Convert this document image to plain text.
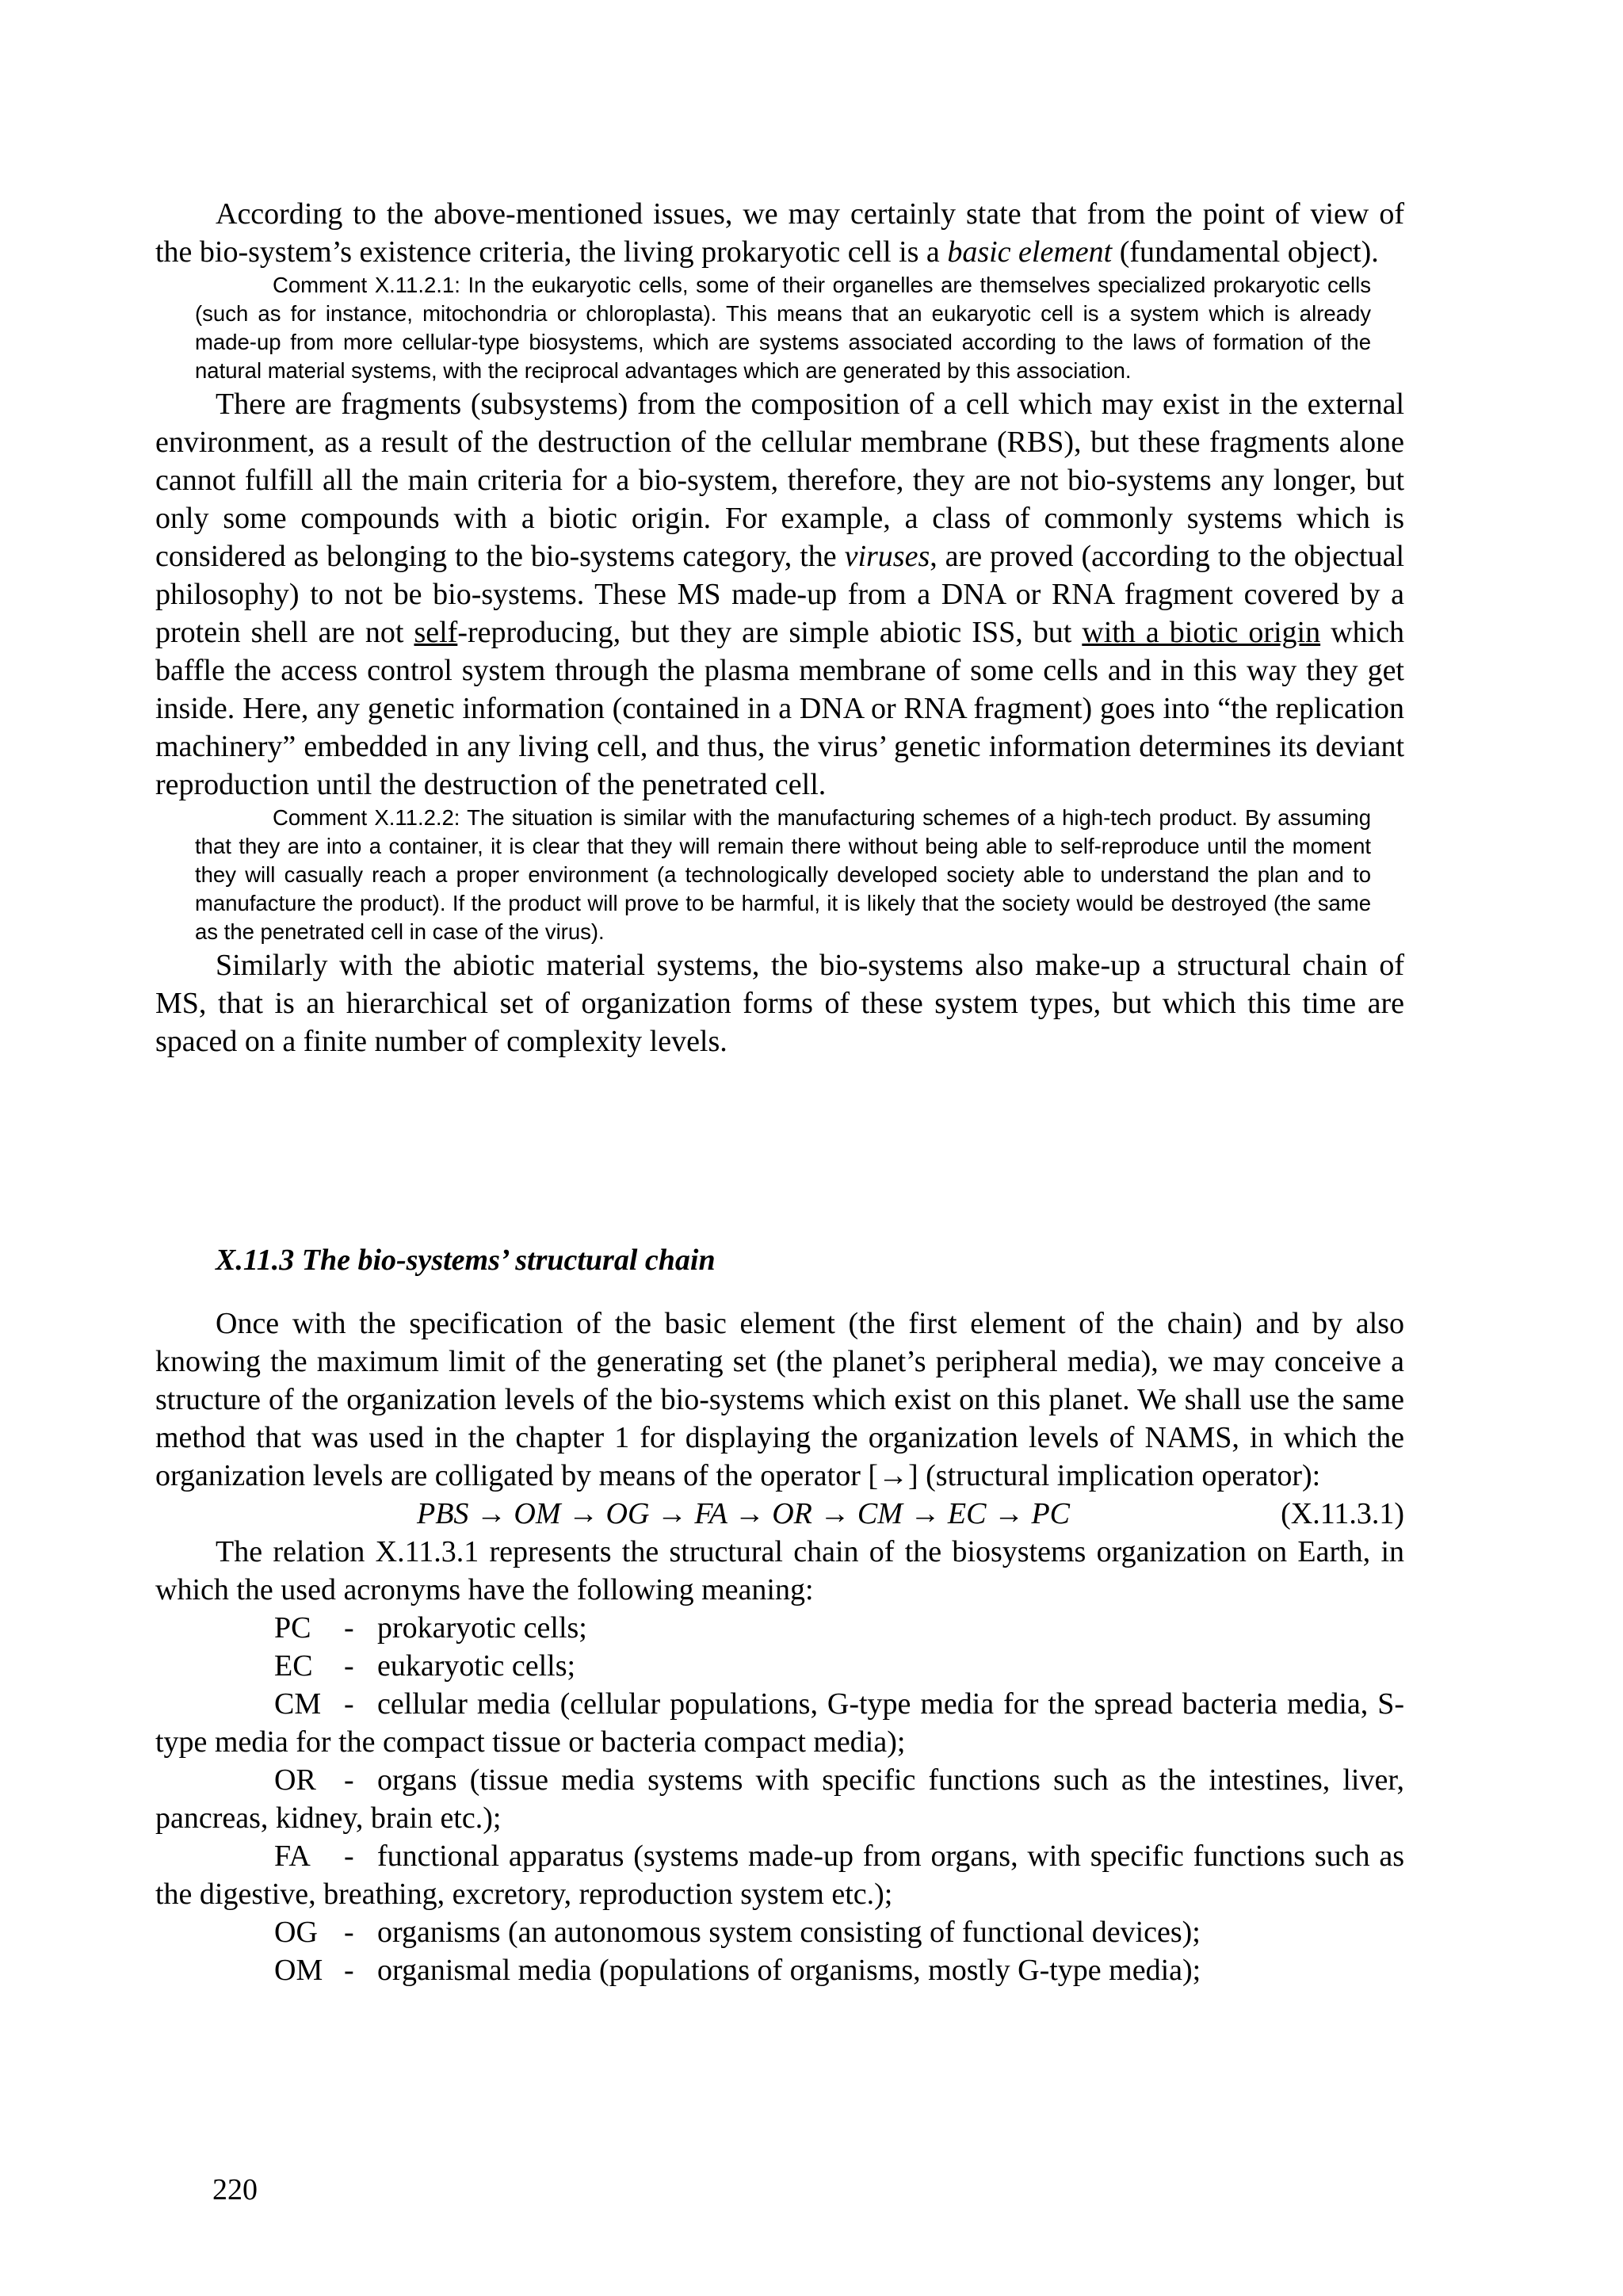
According to the above-mentioned issues, we may certainly state that from the point of view of the bio-system’s existence criteria, the living prokaryotic cell is a basic element (fundamental object).

Comment X.11.2.1: In the eukaryotic cells, some of their organelles are themselves specialized prokaryotic cells (such as for instance, mitochondria or chloroplasta). This means that an eukaryotic cell is a system which is already made-up from more cellular-type biosystems, which are systems associated according to the laws of formation of the natural material systems, with the reciprocal advantages which are generated by this association.

There are fragments (subsystems) from the composition of a cell which may exist in the external environment, as a result of the destruction of the cellular membrane (RBS), but these fragments alone cannot fulfill all the main criteria for a bio-system, therefore, they are not bio-systems any longer, but only some compounds with a biotic origin. For example, a class of commonly systems which is considered as belonging to the bio-systems category, the viruses, are proved (according to the objectual philosophy) to not be bio-systems. These MS made-up from a DNA or RNA fragment covered by a protein shell are not self-reproducing, but they are simple abiotic ISS, but with a biotic origin which baffle the access control system through the plasma membrane of some cells and in this way they get inside. Here, any genetic information (contained in a DNA or RNA fragment) goes into “the replication machinery” embedded in any living cell, and thus, the virus’ genetic information determines its deviant reproduction until the destruction of the penetrated cell.

Comment X.11.2.2: The situation is similar with the manufacturing schemes of a high-tech product. By assuming that they are into a container, it is clear that they will remain there without being able to self-reproduce until the moment they will casually reach a proper environment (a technologically developed society able to understand the plan and to manufacture the product). If the product will prove to be harmful, it is likely that the society would be destroyed (the same as the penetrated cell in case of the virus).

Similarly with the abiotic material systems, the bio-systems also make-up a structural chain of MS, that is an hierarchical set of organization forms of these system types, but which this time are spaced on a finite number of complexity levels.

X.11.3 The bio-systems’ structural chain

Once with the specification of the basic element (the first element of the chain) and by also knowing the maximum limit of the generating set (the planet’s peripheral media), we may conceive a structure of the organization levels of the bio-systems which exist on this planet. We shall use the same method that was used in the chapter 1 for displaying the organization levels of NAMS, in which the organization levels are colligated by means of the operator [→] (structural implication operator):

PBS → OM → OG → FA → OR → CM → EC → PC	(X.11.3.1)

The relation X.11.3.1 represents the structural chain of the biosystems organization on Earth, in which the used acronyms have the following meaning:

PC - prokaryotic cells;

EC - eukaryotic cells;

CM - cellular media (cellular populations, G-type media for the spread bacteria media, S-type media for the compact tissue or bacteria compact media);

OR - organs (tissue media systems with specific functions such as the intestines, liver, pancreas, kidney, brain etc.);

FA - functional apparatus (systems made-up from organs, with specific functions such as the digestive, breathing, excretory, reproduction system etc.);

OG - organisms (an autonomous system consisting of functional devices);

OM - organismal media (populations of organisms, mostly G-type media);

220
